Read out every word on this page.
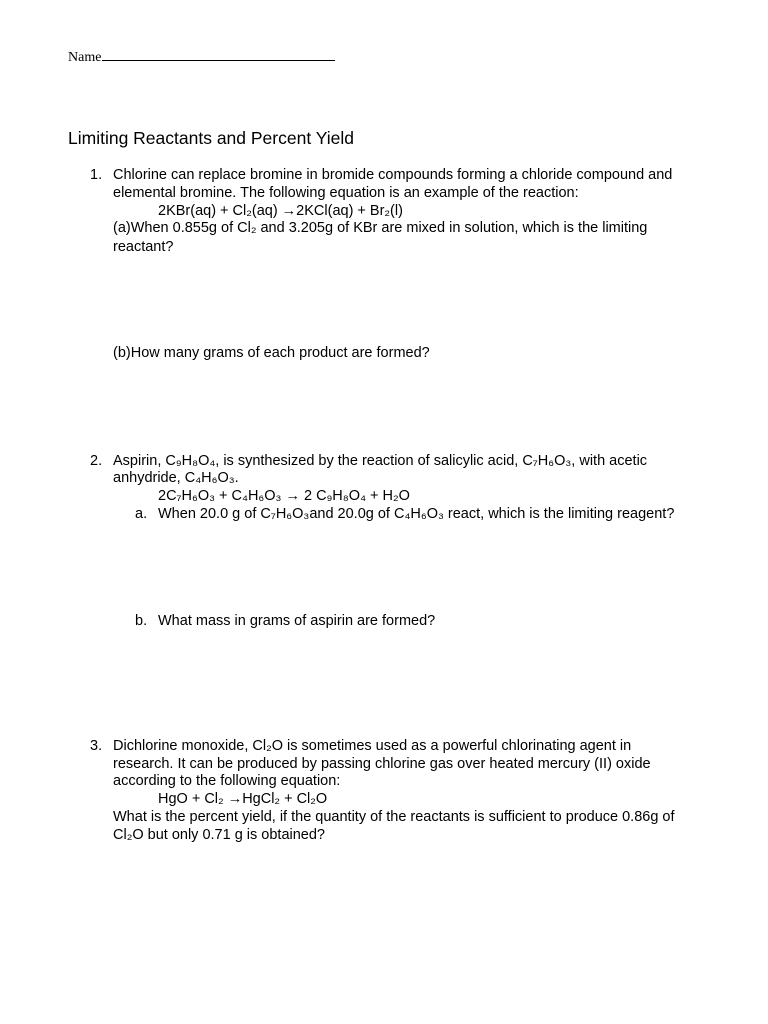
Name
Limiting Reactants and Percent Yield
1. Chlorine can replace bromine in bromide compounds forming a chloride compound and
elemental bromine. The following equation is an example of the reaction:
2KBr(aq) + Cl₂(aq) →2KCl(aq) + Br₂(l)
(a)When 0.855g of Cl₂ and 3.205g of KBr are mixed in solution, which is the limiting
reactant?
(b)How many grams of each product are formed?
2. Aspirin, C₉H₈O₄, is synthesized by the reaction of salicylic acid, C₇H₆O₃, with acetic
anhydride, C₄H₆O₃.
2C₇H₆O₃ + C₄H₆O₃ → 2 C₉H₈O₄ + H₂O
a. When 20.0 g of C₇H₆O₃and 20.0g of C₄H₆O₃ react, which is the limiting reagent?
b. What mass in grams of aspirin are formed?
3. Dichlorine monoxide, Cl₂O is sometimes used as a powerful chlorinating agent in
research. It can be produced by passing chlorine gas over heated mercury (II) oxide
according to the following equation:
HgO + Cl₂ →HgCl₂ + Cl₂O
What is the percent yield, if the quantity of the reactants is sufficient to produce 0.86g of
Cl₂O but only 0.71 g is obtained?
